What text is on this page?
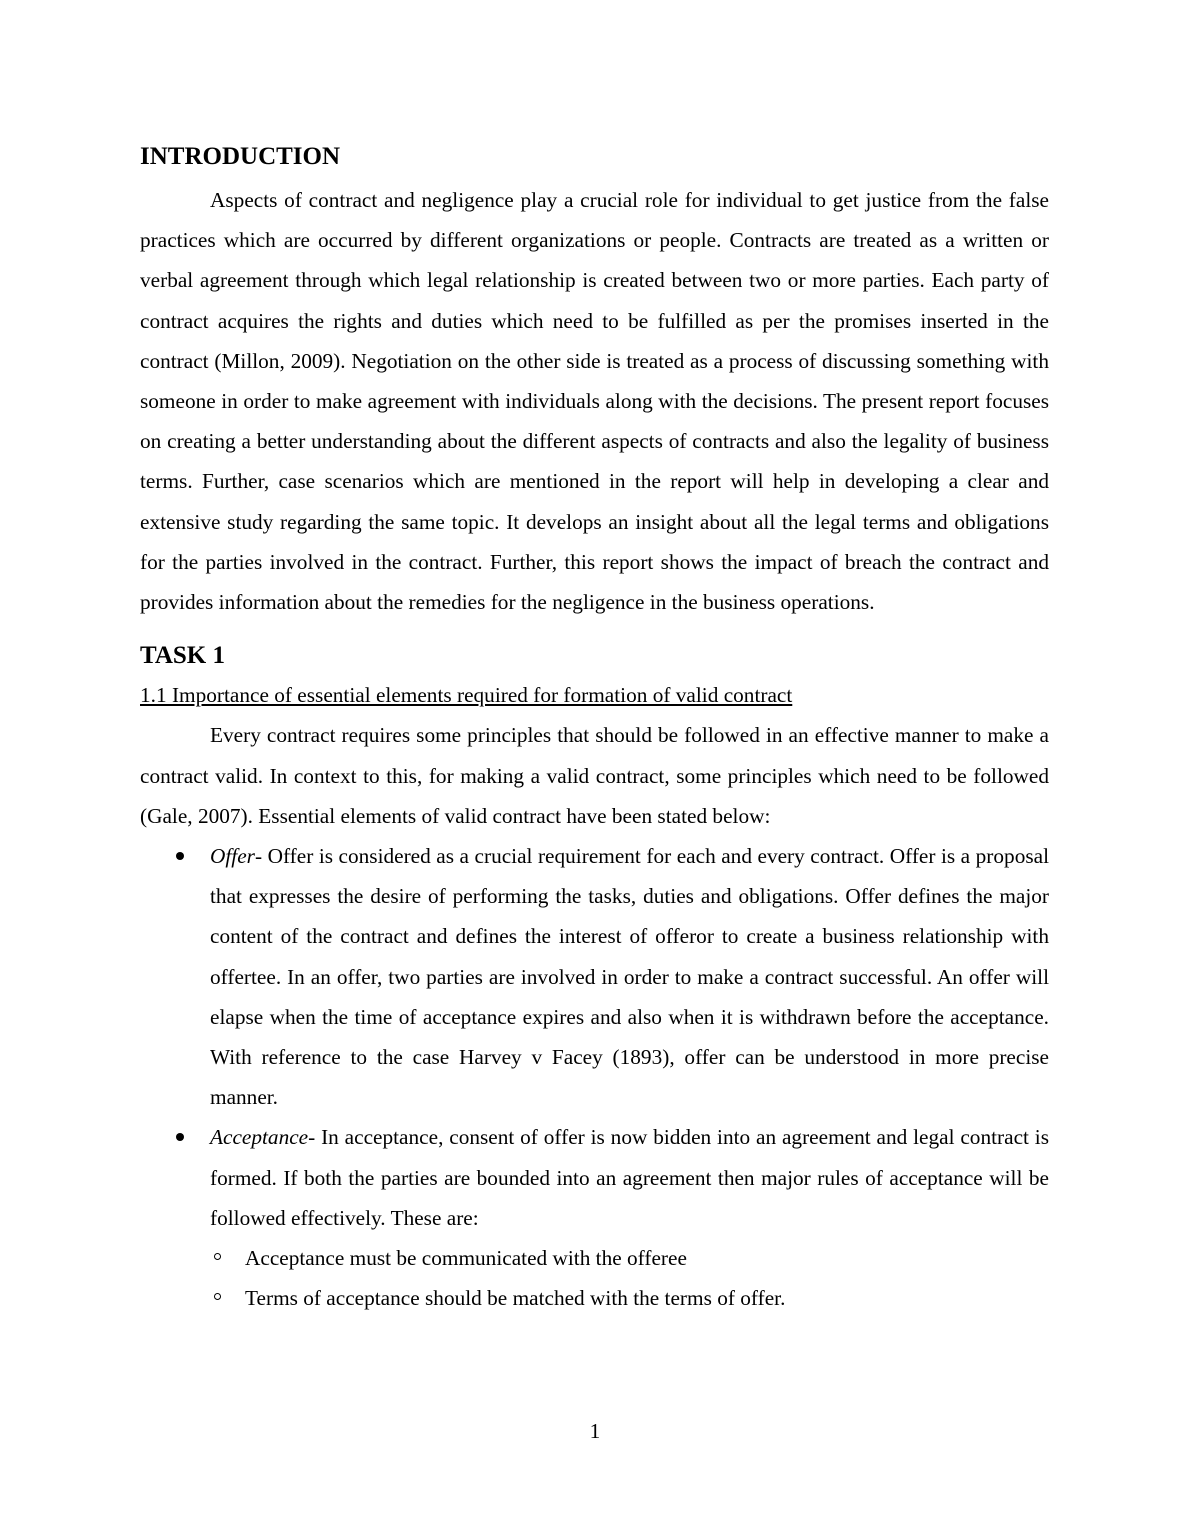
INTRODUCTION

Aspects of contract and negligence play a crucial role for individual to get justice from the false practices which are occurred by different organizations or people. Contracts are treated as a written or verbal agreement through which legal relationship is created between two or more parties. Each party of contract acquires the rights and duties which need to be fulfilled as per the promises inserted in the contract (Millon, 2009). Negotiation on the other side is treated as a process of discussing something with someone in order to make agreement with individuals along with the decisions. The present report focuses on creating a better understanding about the different aspects of contracts and also the legality of business terms. Further, case scenarios which are mentioned in the report will help in developing a clear and extensive study regarding the same topic. It develops an insight about all the legal terms and obligations for the parties involved in the contract. Further, this report shows the impact of breach the contract and provides information about the remedies for the negligence in the business operations.

TASK 1

1.1 Importance of essential elements required for formation of valid contract

Every contract requires some principles that should be followed in an effective manner to make a contract valid. In context to this, for making a valid contract, some principles which need to be followed (Gale, 2007). Essential elements of valid contract have been stated below:

Offer- Offer is considered as a crucial requirement for each and every contract. Offer is a proposal that expresses the desire of performing the tasks, duties and obligations. Offer defines the major content of the contract and defines the interest of offeror to create a business relationship with offertee. In an offer, two parties are involved in order to make a contract successful. An offer will elapse when the time of acceptance expires and also when it is withdrawn before the acceptance. With reference to the case Harvey v Facey (1893), offer can be understood in more precise manner.
Acceptance- In acceptance, consent of offer is now bidden into an agreement and legal contract is formed. If both the parties are bounded into an agreement then major rules of acceptance will be followed effectively. These are:
Acceptance must be communicated with the offeree
Terms of acceptance should be matched with the terms of offer.
1
